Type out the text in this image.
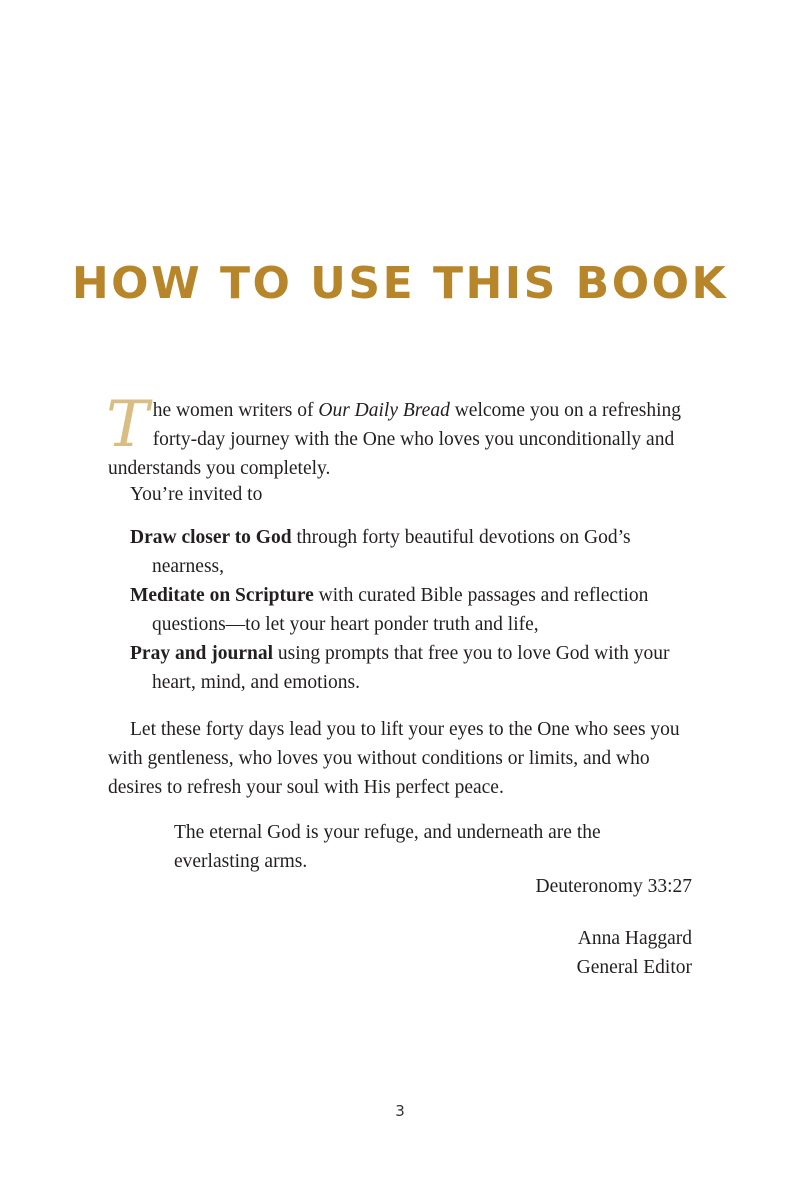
HOW TO USE THIS BOOK
T he women writers of Our Daily Bread welcome you on a refreshing
forty-day journey with the One who loves you unconditionally and
understands you completely.
You’re invited to
Draw closer to God through forty beautiful devotions on God’s
nearness,
Meditate on Scripture with curated Bible passages and reflection
questions—to let your heart ponder truth and life,
Pray and journal using prompts that free you to love God with your
heart, mind, and emotions.
Let these forty days lead you to lift your eyes to the One who sees you
with gentleness, who loves you without conditions or limits, and who
desires to refresh your soul with His perfect peace.
The eternal God is your refuge, and underneath are the
everlasting arms.
Deuteronomy 33:27
Anna Haggard
General Editor
3
